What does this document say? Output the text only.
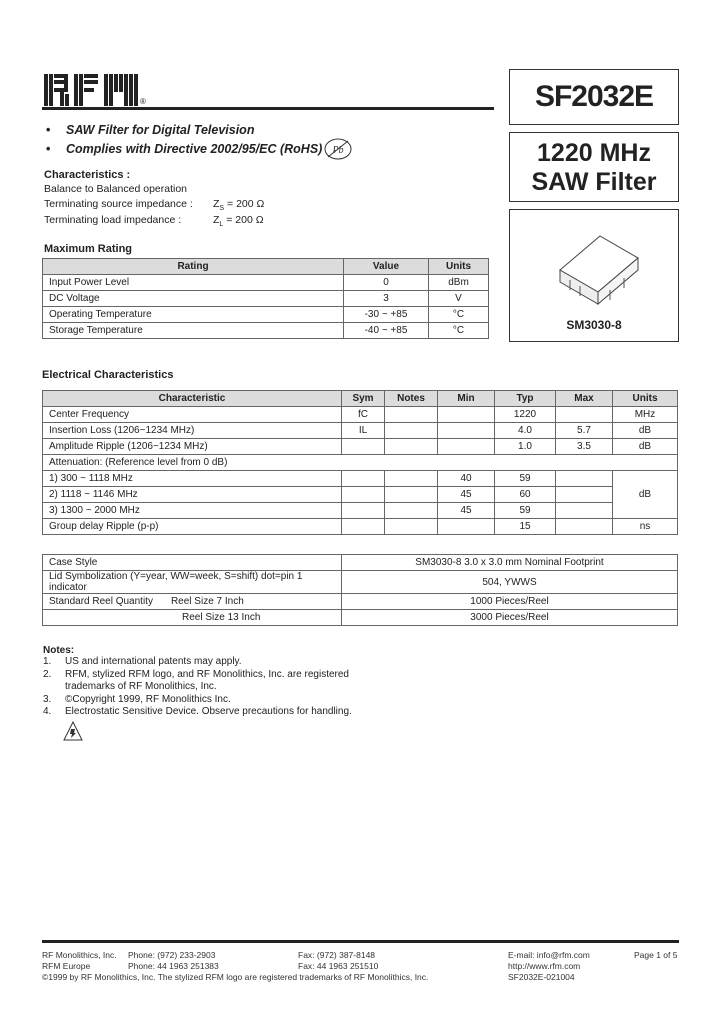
®	SF2032E
1220 MHz
SAW Filter
SM3030-8
• SAW Filter for Digital Television
• Complies with Directive 2002/95/EC (RoHS) Pb
Characteristics :
Balance to Balanced operation
Terminating source impedance : $Z_S = 200$ Ω
Terminating load impedance :	$Z_L = 200$ Ω
Maximum Rating
Rating	Value	Units
Input Power Level	0	dBm
DC Voltage	3	V
Operating Temperature	-30 ~ +85	°C
Storage Temperature	-40 ~ +85	°C
Electrical Characteristics
Characteristic	Sym	Notes	Min	Typ	Max	Units
Center Frequency	fC			1220		MHz
Insertion Loss (1206~1234 MHz)	IL			4.0	5.7	dB
Amplitude Ripple (1206~1234 MHz)				1.0	3.5	dB
Attenuation: (Reference level from 0 dB)						
1) 300 ~ 1118 MHz			40	59		dB
2) 1118 ~ 1146 MHz			45	60		
3) 1300 ~ 2000 MHz			45	59		
Group delay Ripple (p-p)				15		ns
Case Style	SM3030-8 3.0 x 3.0 mm Nominal Footprint
Lid Symbolization (Y=year, WW=week, S=shift) dot=pin 1 indicator	504, YWWS
Standard Reel Quantity Reel Size 7 Inch	1000 Pieces/Reel
Reel Size 13 Inch	3000 Pieces/Reel
Notes:
1. US and international patents may apply.
2. RFM, stylized RFM logo, and RF Monolithics, Inc. are registered
trademarks of RF Monolithics, Inc.
3. ©Copyright 1999, RF Monolithics Inc.
4. Electrostatic Sensitive Device. Observe precautions for handling.
RF Monolithics, Inc. Phone: (972) 233-2903	Fax: (972) 387-8148	E-mail: info@rfm.com	Page 1 of 5
RFM Europe	Phone: 44 1963 251383	Fax: 44 1963 251510	http://www.rfm.com
©1999 by RF Monolithics, Inc. The stylized RFM logo are registered trademarks of RF Monolithics, Inc.	SF2032E-021004
